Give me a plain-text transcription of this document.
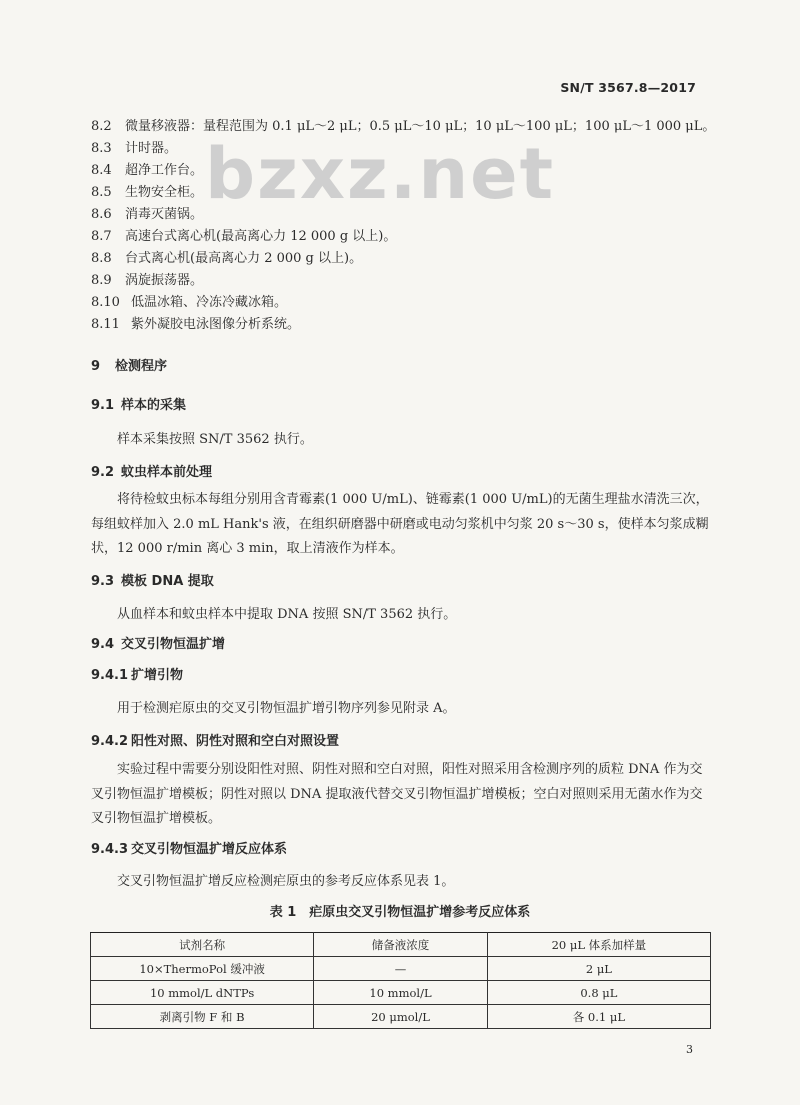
SN/T 3567.8—2017
bzxz.net
8.2 微量移液器：量程范围为 0.1 μL～2 μL；0.5 μL～10 μL；10 μL～100 μL；100 μL～1 000 μL。
8.3 计时器。
8.4 超净工作台。
8.5 生物安全柜。
8.6 消毒灭菌锅。
8.7 高速台式离心机(最高离心力 12 000 g 以上)。
8.8 台式离心机(最高离心力 2 000 g 以上)。
8.9 涡旋振荡器。
8.10 低温冰箱、冷冻冷藏冰箱。
8.11 紫外凝胶电泳图像分析系统。
9 检测程序
9.1 样本的采集
样本采集按照 SN/T 3562 执行。
9.2 蚊虫样本前处理
将待检蚊虫标本每组分别用含青霉素(1 000 U/mL)、链霉素(1 000 U/mL)的无菌生理盐水清洗三次，每组蚊样加入 2.0 mL Hank's 液，在组织研磨器中研磨或电动匀浆机中匀浆 20 s～30 s，使样本匀浆成糊状，12 000 r/min 离心 3 min，取上清液作为样本。
9.3 模板 DNA 提取
从血样本和蚊虫样本中提取 DNA 按照 SN/T 3562 执行。
9.4 交叉引物恒温扩增
9.4.1 扩增引物
用于检测疟原虫的交叉引物恒温扩增引物序列参见附录 A。
9.4.2 阳性对照、阴性对照和空白对照设置
实验过程中需要分别设阳性对照、阴性对照和空白对照，阳性对照采用含检测序列的质粒 DNA 作为交叉引物恒温扩增模板；阴性对照以 DNA 提取液代替交叉引物恒温扩增模板；空白对照则采用无菌水作为交叉引物恒温扩增模板。
9.4.3 交叉引物恒温扩增反应体系
交叉引物恒温扩增反应检测疟原虫的参考反应体系见表 1。
表 1　疟原虫交叉引物恒温扩增参考反应体系
试剂名称	储备液浓度	20 μL 体系加样量
10×ThermoPol 缓冲液	—	2 μL
10 mmol/L dNTPs	10 mmol/L	0.8 μL
剥离引物 F 和 B	20 μmol/L	各 0.1 μL
3
